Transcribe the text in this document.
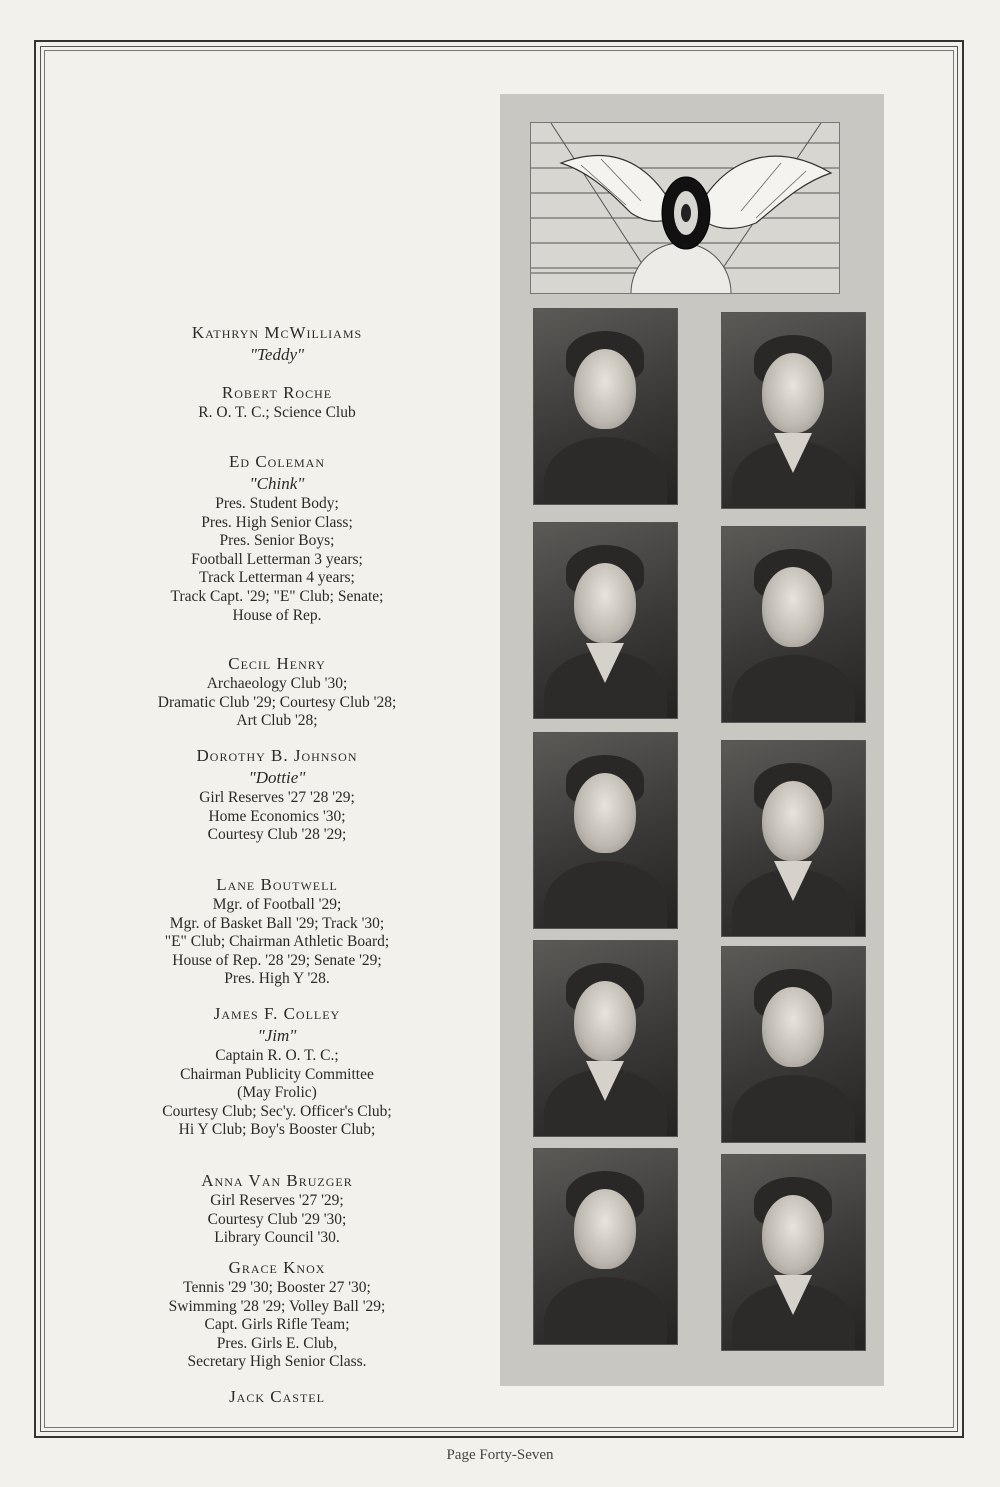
Kathryn McWilliams
"Teddy"
Robert Roche
R. O. T. C.; Science Club
Ed Coleman
"Chink"
Pres. Student Body;
Pres. High Senior Class;
Pres. Senior Boys;
Football Letterman 3 years;
Track Letterman 4 years;
Track Capt. '29; "E" Club; Senate;
House of Rep.
Cecil Henry
Archaeology Club '30;
Dramatic Club '29; Courtesy Club '28;
Art Club '28;
Dorothy B. Johnson
"Dottie"
Girl Reserves '27 '28 '29;
Home Economics '30;
Courtesy Club '28 '29;
Lane Boutwell
Mgr. of Football '29;
Mgr. of Basket Ball '29; Track '30;
"E" Club; Chairman Athletic Board;
House of Rep. '28 '29; Senate '29;
Pres. High Y '28.
James F. Colley
"Jim"
Captain R. O. T. C.;
Chairman Publicity Committee
(May Frolic)
Courtesy Club; Sec'y. Officer's Club;
Hi Y Club; Boy's Booster Club;
Anna Van Bruzger
Girl Reserves '27 '29;
Courtesy Club '29 '30;
Library Council '30.
Grace Knox
Tennis '29 '30; Booster 27 '30;
Swimming '28 '29; Volley Ball '29;
Capt. Girls Rifle Team;
Pres. Girls E. Club,
Secretary High Senior Class.
Jack Castel
Page Forty-Seven
